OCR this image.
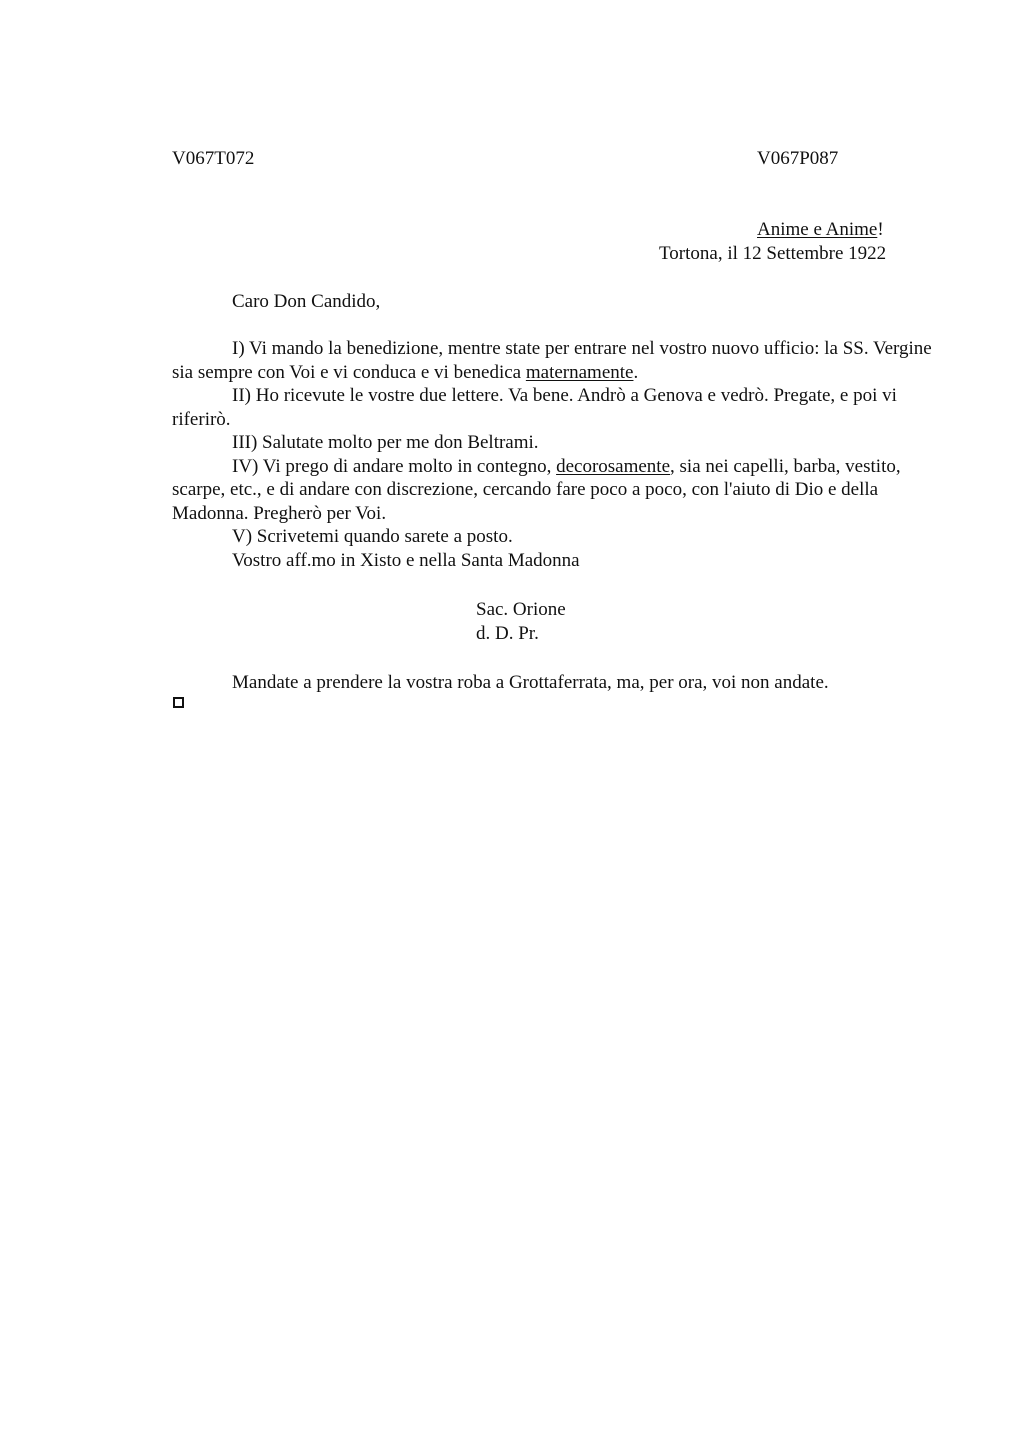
V067T072	V067P087
Anime e Anime!
Tortona, il 12 Settembre 1922
Caro Don Candido,

I) Vi mando la benedizione, mentre state per entrare nel vostro nuovo ufficio: la SS. Vergine sia sempre con Voi e vi conduca e vi benedica maternamente.

II) Ho ricevute le vostre due lettere. Va bene. Andrò a Genova e vedrò. Pregate, e poi vi riferirò.

III) Salutate molto per me don Beltrami.

IV) Vi prego di andare molto in contegno, decorosamente, sia nei capelli, barba, vestito, scarpe, etc., e di andare con discrezione, cercando fare poco a poco, con l'aiuto di Dio e della Madonna. Pregherò per Voi.

V) Scrivetemi quando sarete a posto.

Vostro aff.mo in Xisto e nella Santa Madonna

Sac. Orione
d. D. Pr.
Mandate a prendere la vostra roba a Grottaferrata, ma, per ora, voi non andate.
